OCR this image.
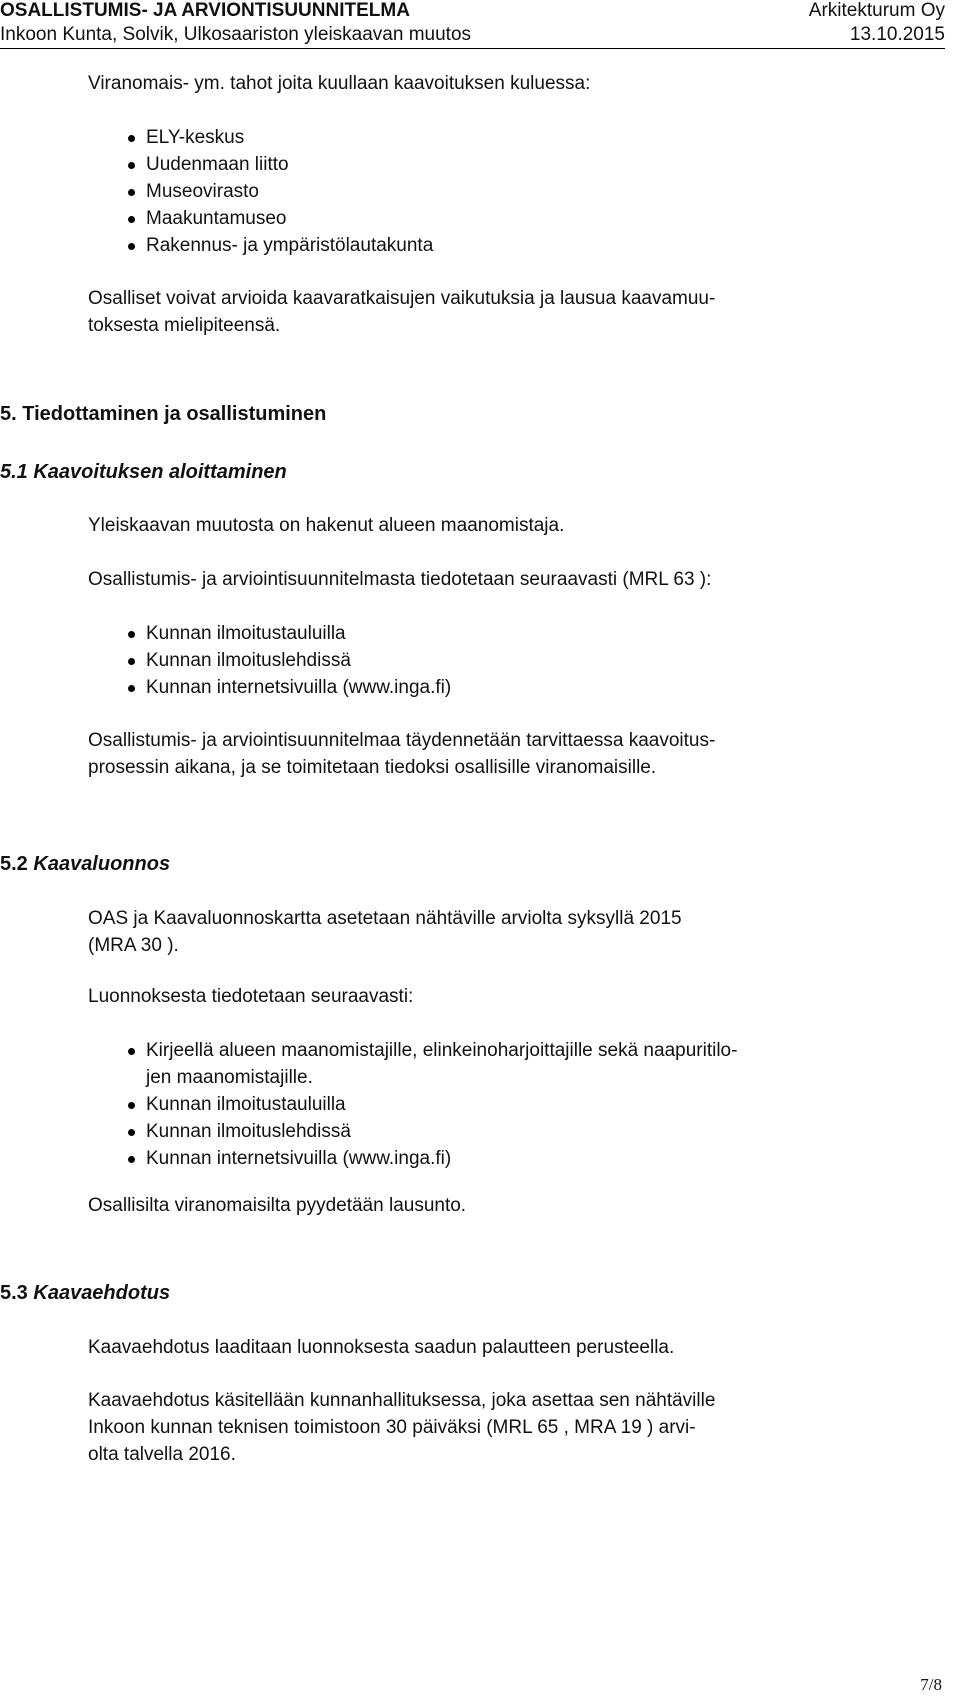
OSALLISTUMIS- JA ARVIONTISUUNNITELMA	Arkitekturum Oy
Inkoon Kunta, Solvik, Ulkosaariston yleiskaavan muutos	13.10.2015
Viranomais- ym. tahot joita kuullaan kaavoituksen kuluessa:
ELY-keskus
Uudenmaan liitto
Museovirasto
Maakuntamuseo
Rakennus- ja ympäristölautakunta
Osalliset voivat arvioida kaavaratkaisujen vaikutuksia ja lausua kaavamuu-
toksesta mielipiteensä.
5. Tiedottaminen ja osallistuminen
5.1 Kaavoituksen aloittaminen
Yleiskaavan muutosta on hakenut alueen maanomistaja.
Osallistumis- ja arviointisuunnitelmasta tiedotetaan seuraavasti (MRL 63 ):
Kunnan ilmoitustauluilla
Kunnan ilmoituslehdissä
Kunnan internetsivuilla (www.inga.fi)
Osallistumis- ja arviointisuunnitelmaa täydennetään tarvittaessa kaavoitus-
prosessin aikana, ja se toimitetaan tiedoksi osallisille viranomaisille.
5.2 Kaavaluonnos
OAS ja Kaavaluonnoskartta asetetaan nähtäville arviolta syksyllä 2015
(MRA 30 ).
Luonnoksesta tiedotetaan seuraavasti:
Kirjeellä alueen maanomistajille, elinkeinoharjoittajille sekä naapuritilo-
jen maanomistajille.
Kunnan ilmoitustauluilla
Kunnan ilmoituslehdissä
Kunnan internetsivuilla (www.inga.fi)
Osallisilta viranomaisilta pyydetään lausunto.
5.3 Kaavaehdotus
Kaavaehdotus laaditaan luonnoksesta saadun palautteen perusteella.
Kaavaehdotus käsitellään kunnanhallituksessa, joka asettaa sen nähtäville
Inkoon kunnan teknisen toimistoon 30 päiväksi (MRL 65 , MRA 19 ) arvi-
olta talvella 2016.
7/8
